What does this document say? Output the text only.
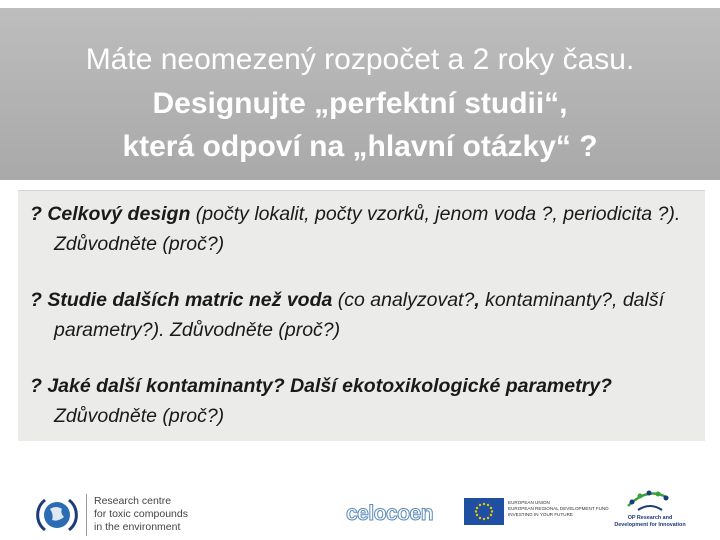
Máte neomezený rozpočet a 2 roky času.
Designujte „perfektní studii“,
která odpoví na „hlavní otázky“ ?
? Celkový design (počty lokalit, počty vzorků, jenom voda ?, periodicita ?). Zdůvodněte (proč?)
? Studie dalších matric než voda (co analyzovat?, kontaminanty?, další parametry?). Zdůvodněte (proč?)
? Jaké další kontaminanty? Další ekotoxikologické parametry? Zdůvodněte (proč?)
Research centre
for toxic compounds
in the environment
celocoen	EUROPEAN UNION
EUROPEAN REGIONAL DEVELOPMENT FUND
INVESTING IN YOUR FUTURE
OP Research and
Development for Innovation
